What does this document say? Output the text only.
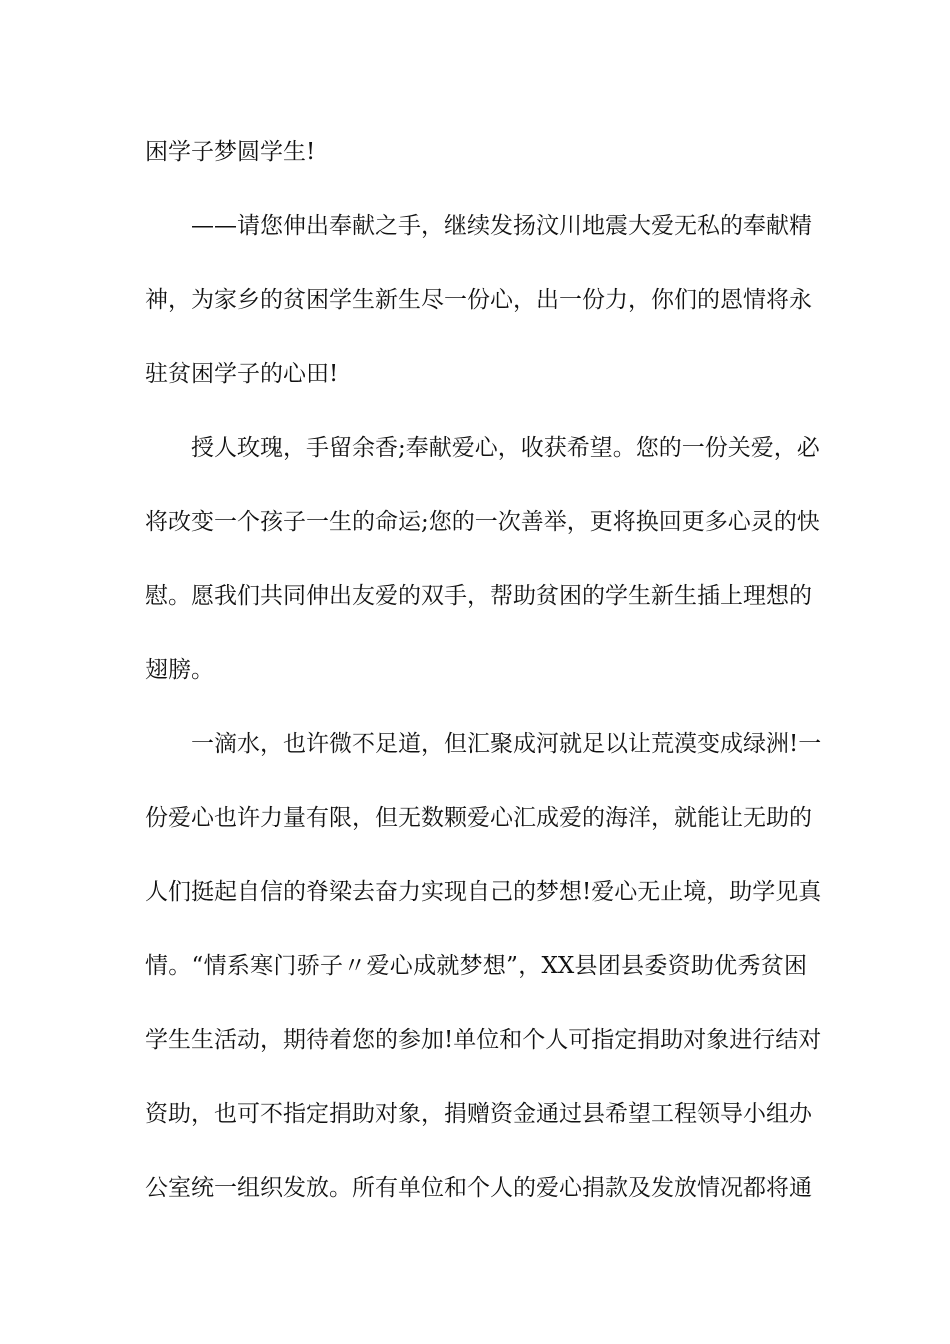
困学子梦圆学生!
——请您伸出奉献之手，继续发扬汶川地震大爱无私的奉献精
神，为家乡的贫困学生新生尽一份心，出一份力，你们的恩情将永
驻贫困学子的心田!
授人玫瑰，手留余香;奉献爱心，收获希望。您的一份关爱，必
将改变一个孩子一生的命运;您的一次善举，更将换回更多心灵的快
慰。愿我们共同伸出友爱的双手，帮助贫困的学生新生插上理想的
翅膀。
一滴水，也许微不足道，但汇聚成河就足以让荒漠变成绿洲!一
份爱心也许力量有限，但无数颗爱心汇成爱的海洋，就能让无助的
人们挺起自信的脊梁去奋力实现自己的梦想!爱心无止境，助学见真
情。“情系寒门骄子〃爱心成就梦想”，XX县团县委资助优秀贫困
学生生活动，期待着您的参加!单位和个人可指定捐助对象进行结对
资助，也可不指定捐助对象，捐赠资金通过县希望工程领导小组办
公室统一组织发放。所有单位和个人的爱心捐款及发放情况都将通
